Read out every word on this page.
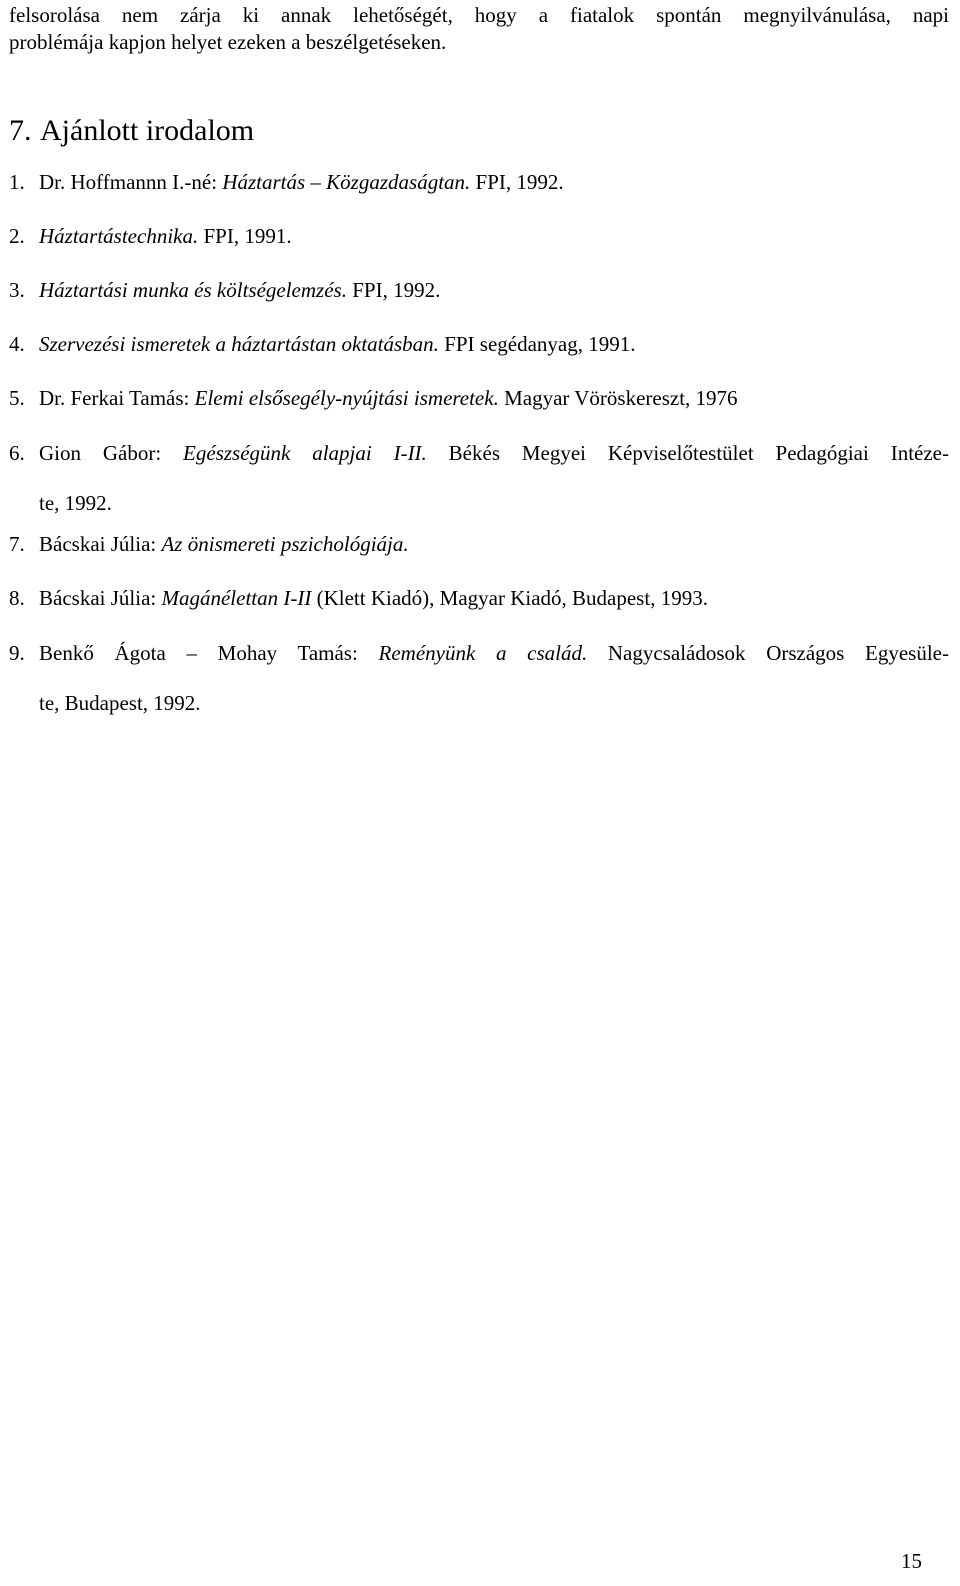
felsorolása nem zárja ki annak lehetőségét, hogy a fiatalok spontán megnyilvánulása, napi
problémája kapjon helyet ezeken a beszélgetéseken.
7. Ajánlott irodalom
1. Dr. Hoffmannn I.-né: Háztartás – Közgazdaságtan. FPI, 1992.
2. Háztartástechnika. FPI, 1991.
3. Háztartási munka és költségelemzés. FPI, 1992.
4. Szervezési ismeretek a háztartástan oktatásban. FPI segédanyag, 1991.
5. Dr. Ferkai Tamás: Elemi elsősegély-nyújtási ismeretek. Magyar Vöröskereszt, 1976
6. Gion Gábor: Egészségünk alapjai I-II. Békés Megyei Képviselőtestület Pedagógiai Intéze-
te, 1992.
7. Bácskai Júlia: Az önismereti pszichológiája.
8. Bácskai Júlia: Magánélettan I-II (Klett Kiadó), Magyar Kiadó, Budapest, 1993.
9. Benkő Ágota – Mohay Tamás: Reményünk a család. Nagycsaládosok Országos Egyesüle-
te, Budapest, 1992.
15
